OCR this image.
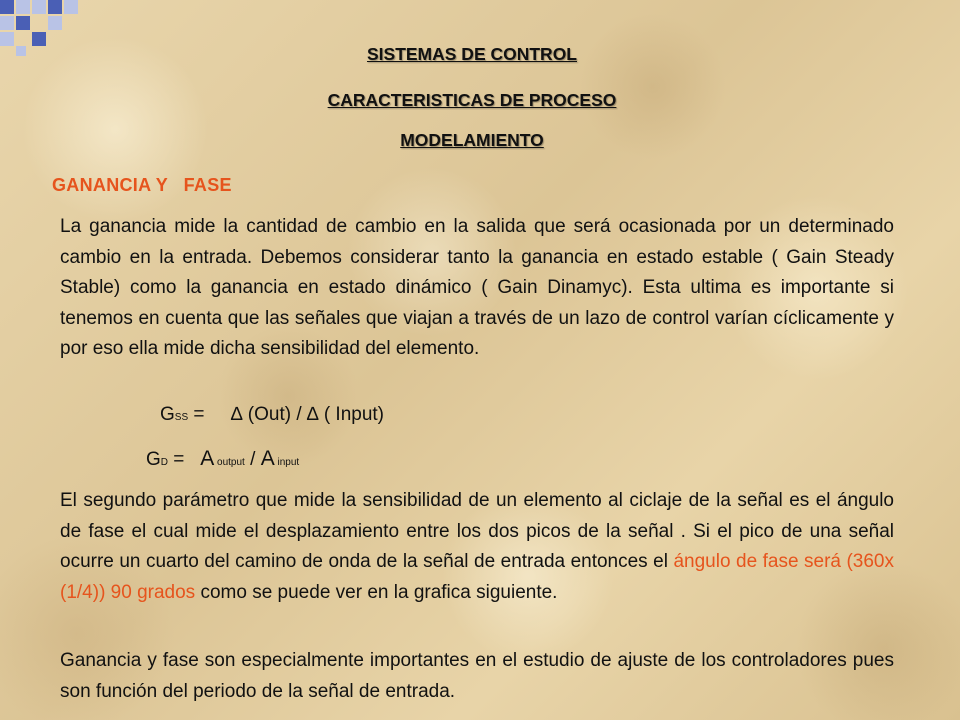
SISTEMAS DE CONTROL
CARACTERISTICAS DE PROCESO
MODELAMIENTO
GANANCIA Y   FASE

La ganancia mide la cantidad de cambio en la salida que será ocasionada por un determinado cambio en la entrada. Debemos considerar tanto la ganancia en estado estable ( Gain Steady Stable) como la ganancia en estado dinámico ( Gain Dinamyc). Esta ultima es importante si tenemos en cuenta que las señales que viajan a través de un lazo de control varían cíclicamente y por eso ella mide dicha sensibilidad del elemento.

GSS =     ∆ (Out) / ∆ ( Input)
GD =   A output / A input

El segundo parámetro que mide la sensibilidad de un elemento al ciclaje de la señal es el ángulo de fase el cual mide el desplazamiento entre los dos picos de la señal . Si el pico de una señal ocurre un cuarto del camino de onda de la señal de entrada entonces el ángulo de fase será (360x (1/4)) 90 grados como se puede ver en la grafica siguiente.

Ganancia y fase son especialmente importantes en el estudio de ajuste de los controladores pues son función del periodo de la señal de entrada.
